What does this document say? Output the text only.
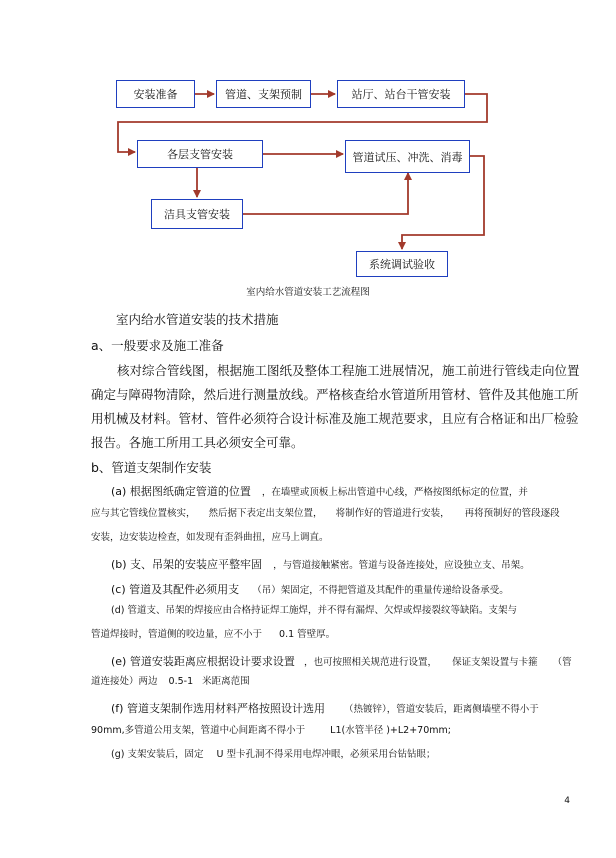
安装准备	管道、支架预制	站厅、站台干管安装
各层支管安装	管道试压、冲洗、消毒
洁具支管安装
系统调试验收
室内给水管道安装工艺流程图
室内给水管道安装的技术措施
a、一般要求及施工准备
核对综合管线图，根据施工图纸及整体工程施工进展情况，施工前进行管线走向位置
确定与障碍物清除，然后进行测量放线。严格核查给水管道所用管材、管件及其他施工所
用机械及材料。管材、管件必须符合设计标准及施工规范要求，且应有合格证和出厂检验
报告。各施工所用工具必须安全可靠。
b、管道支架制作安装
(a) 根据图纸确定管道的位置 ，在墙壁或顶板上标出管道中心线，严格按图纸标定的位置，并
应与其它管线位置核实， 然后据下表定出支架位置， 将制作好的管道进行安装， 再将预制好的管段逐段
安装，边安装边检查，如发现有歪斜曲扭，应马上调直。
(b) 支、吊架的安装应平整牢固 ，与管道接触紧密。管道与设备连接处，应设独立支、吊架。
(c) 管道及其配件必须用支 （吊）架固定，不得把管道及其配件的重量传递给设备承受。
(d) 管道支、吊架的焊接应由合格持证焊工施焊，并不得有漏焊、欠焊或焊接裂纹等缺陷。支架与
管道焊接时，管道侧的咬边量，应不小于 0.1 管壁厚。
(e) 管道安装距离应根据设计要求设置 ，也可按照相关规范进行设置， 保证支架设置与卡箍 （管
道连接处）两边 0.5-1 米距离范围
(f) 管道支架制作选用材料严格按照设计选用 （热镀锌），管道安装后，距离侧墙壁不得小于
90mm,多管道公用支架，管道中心间距离不得小于	L1(水管半径 )+L2+70mm;
(g) 支架安装后，固定 U 型卡孔洞不得采用电焊冲眼，必须采用台钻钻眼；
4
